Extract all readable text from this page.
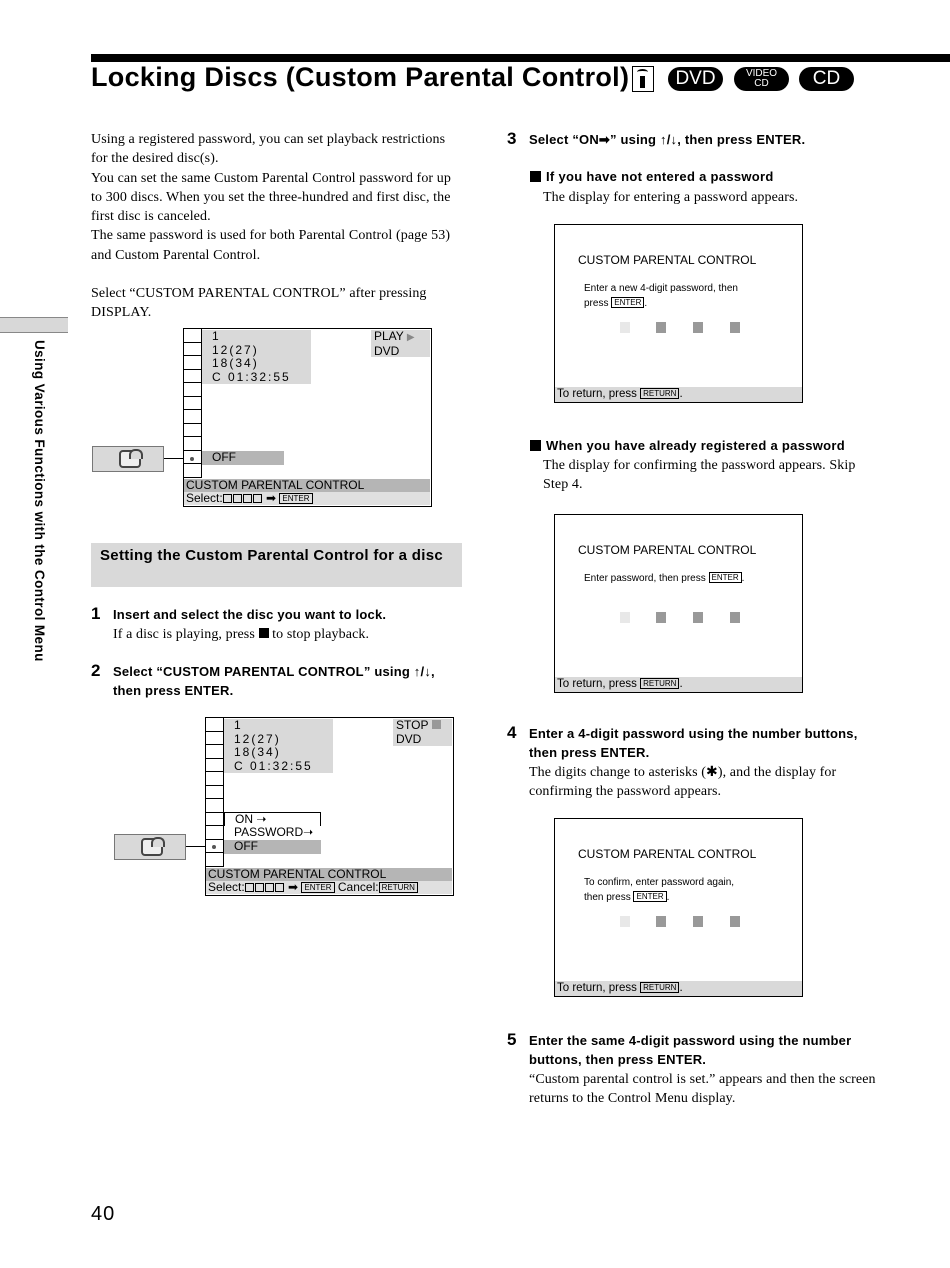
Locking Discs (Custom Parental Control)	DVD	VIDEO
CD	CD
Using Various Functions with the Control Menu
Using a registered password, you can set playback restrictions for the desired disc(s).
You can set the same Custom Parental Control password for up to 300 discs. When you set the three-hundred and first disc, the first disc is canceled.
The same password is used for both Parental Control (page 53) and Custom Parental Control.
Select “CUSTOM PARENTAL CONTROL” after pressing DISPLAY.
1
12(27)
18(34)
C 01:32:55
PLAY ▶
DVD
OFF
CUSTOM PARENTAL CONTROL
Select:	➡ ENTER
Setting the Custom Parental Control for a disc
1 Insert and select the disc you want to lock.
If a disc is playing, press to stop playback.
2 Select “CUSTOM PARENTAL CONTROL” using ↑/↓, then press ENTER.
1
12(27)
18(34)
C 01:32:55
STOP
DVD
ON ➝
PASSWORD➝
OFF
CUSTOM PARENTAL CONTROL
Select:	➡ ENTER Cancel: RETURN
3 Select “ON➡” using ↑/↓, then press ENTER.
If you have not entered a password
The display for entering a password appears.
CUSTOM PARENTAL CONTROL
Enter a new 4-digit password, then
press ENTER .
To return, press RETURN .
When you have already registered a password
The display for confirming the password appears. Skip Step 4.
CUSTOM PARENTAL CONTROL
Enter password, then press ENTER .
To return, press RETURN .
4 Enter a 4-digit password using the number buttons, then press ENTER.
The digits change to asterisks (✱), and the display for confirming the password appears.
CUSTOM PARENTAL CONTROL
To confirm, enter password again,
then press ENTER .
To return, press RETURN .
5 Enter the same 4-digit password using the number buttons, then press ENTER.
“Custom parental control is set.” appears and then the screen returns to the Control Menu display.
40
